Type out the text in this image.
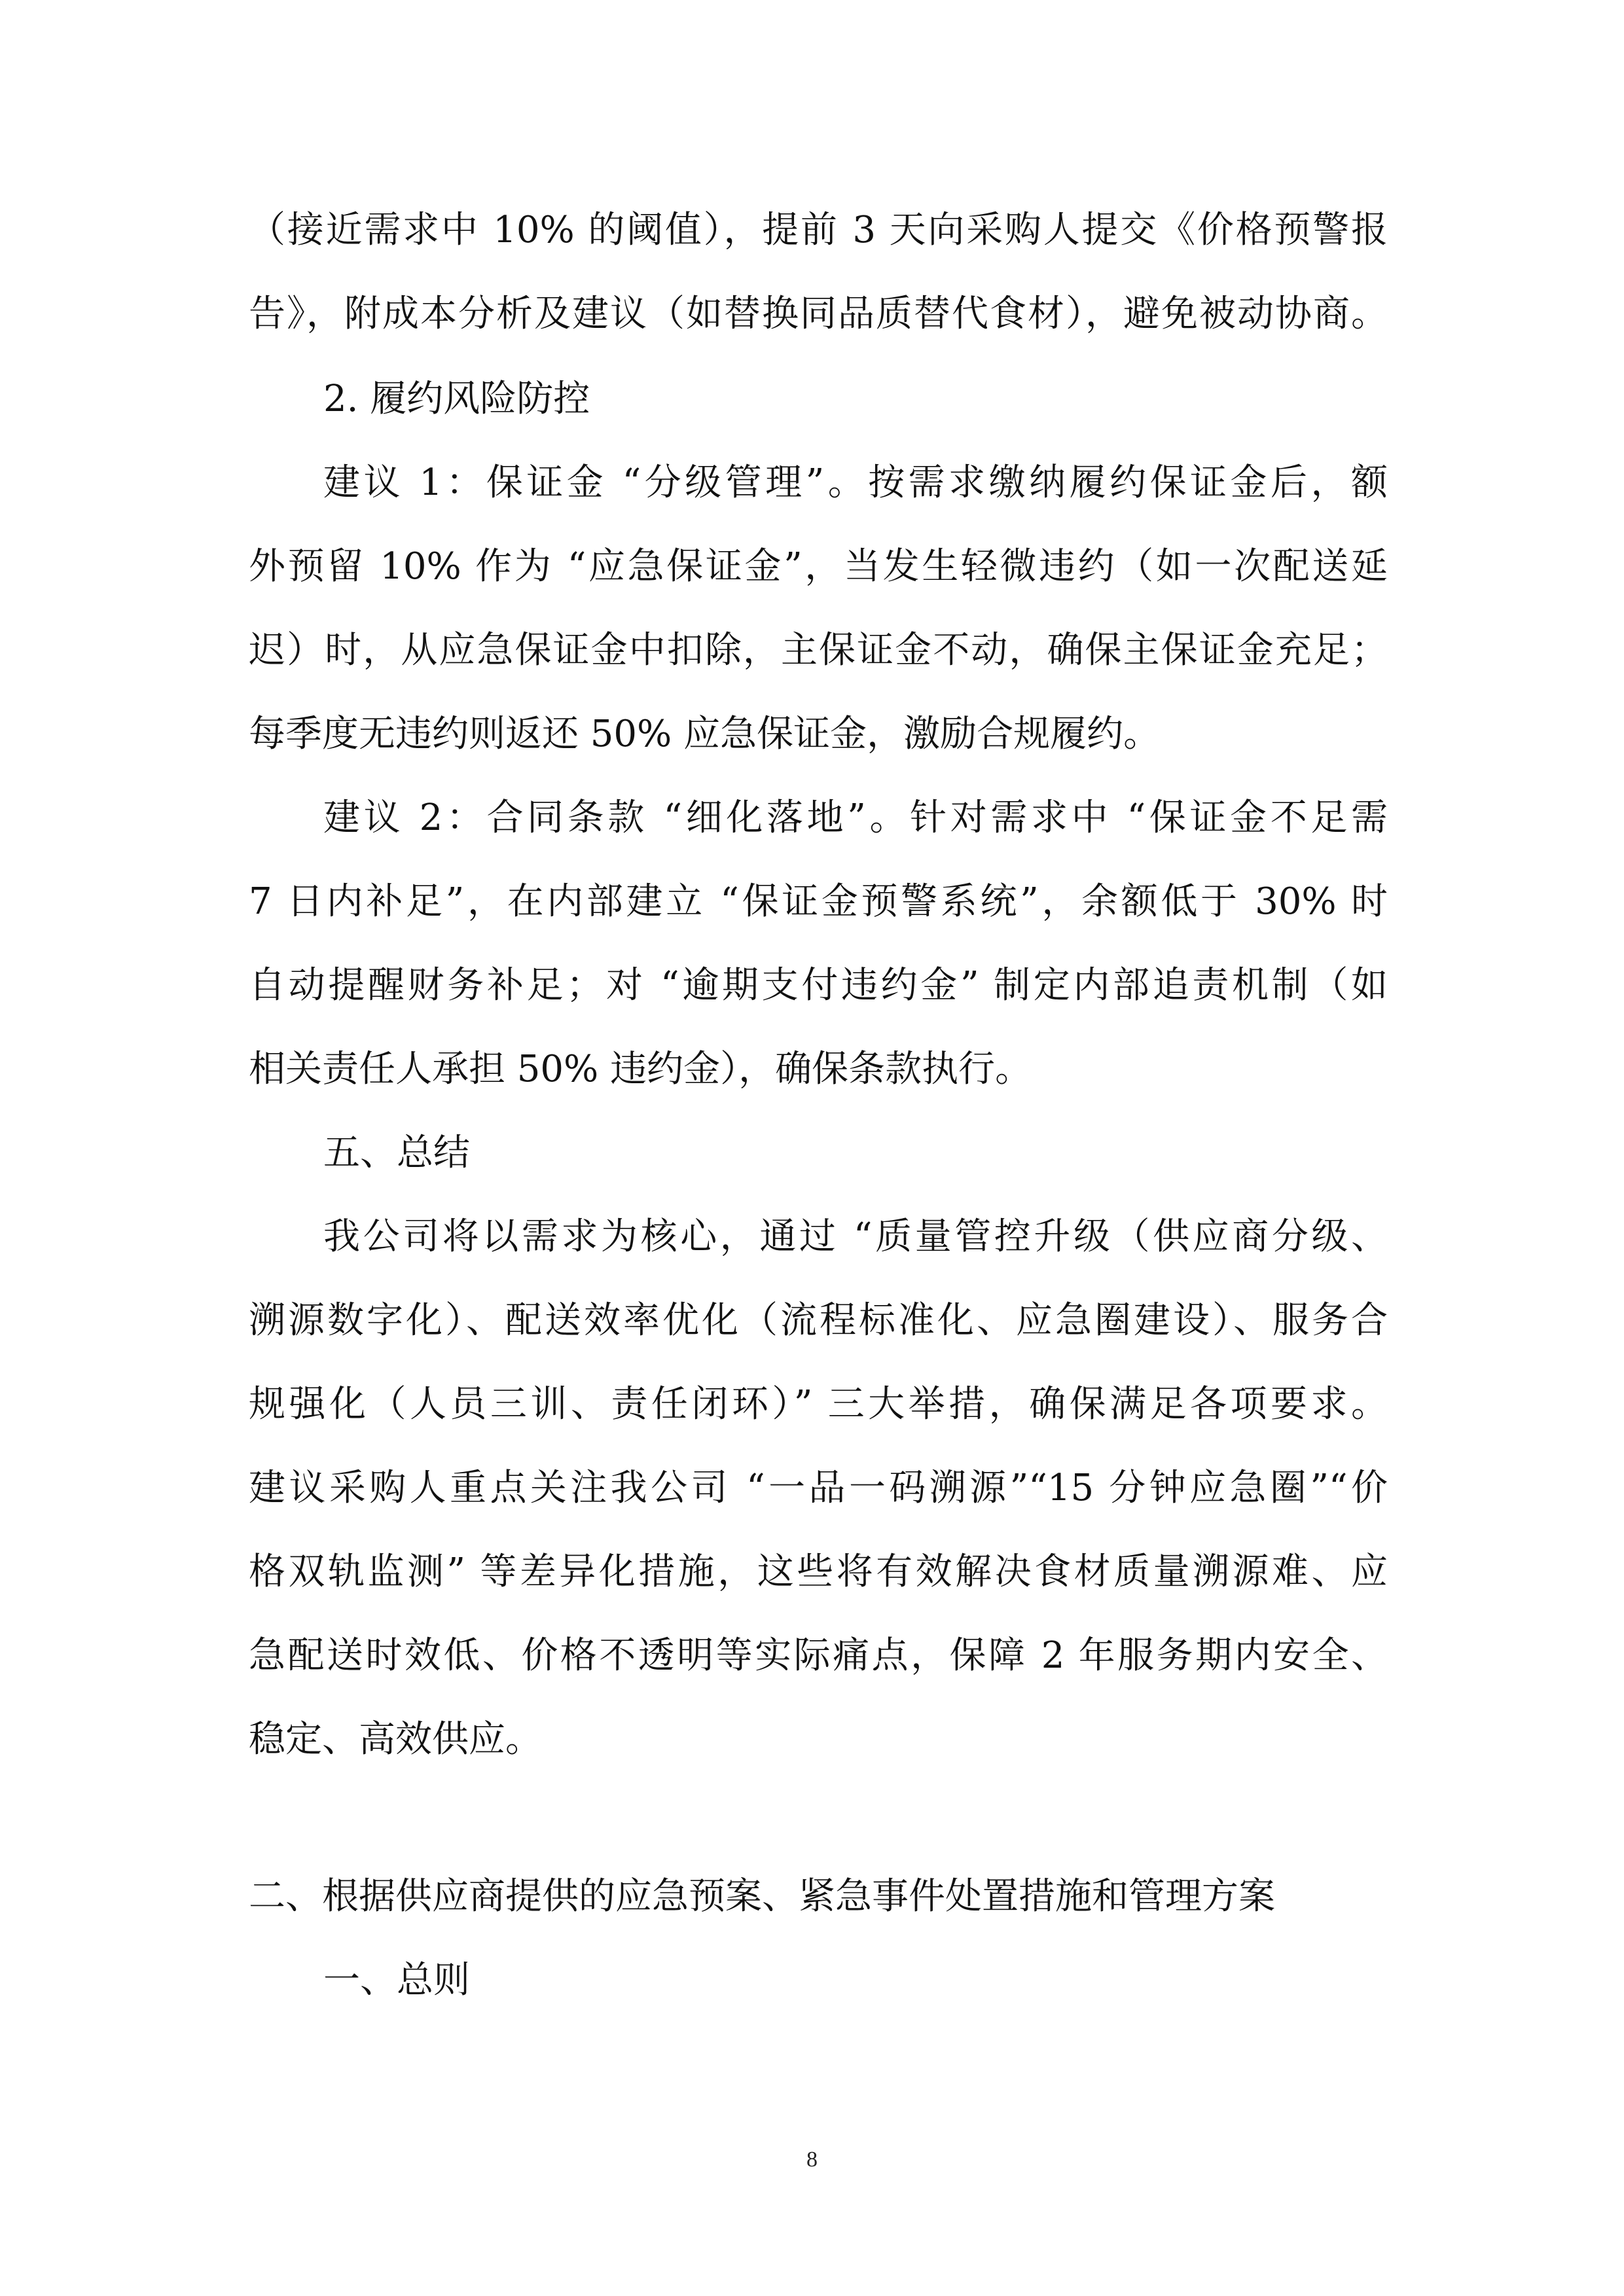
（接近需求中 10% 的阈值），提前 3 天向采购人提交《价格预警报
告》，附成本分析及建议（如替换同品质替代食材），避免被动协商。
2. 履约风险防控
建议 1：保证金 “分级管理”。按需求缴纳履约保证金后，额
外预留 10% 作为 “应急保证金”，当发生轻微违约（如一次配送延
迟）时，从应急保证金中扣除，主保证金不动，确保主保证金充足；
每季度无违约则返还 50% 应急保证金，激励合规履约。
建议 2：合同条款 “细化落地”。针对需求中 “保证金不足需
7 日内补足”，在内部建立 “保证金预警系统”，余额低于 30% 时
自动提醒财务补足；对 “逾期支付违约金” 制定内部追责机制（如
相关责任人承担 50% 违约金），确保条款执行。
五、总结
我公司将以需求为核心，通过 “质量管控升级（供应商分级、
溯源数字化）、配送效率优化（流程标准化、应急圈建设）、服务合
规强化（人员三训、责任闭环）” 三大举措，确保满足各项要求。
建议采购人重点关注我公司 “一品一码溯源”“15 分钟应急圈”“价
格双轨监测” 等差异化措施，这些将有效解决食材质量溯源难、应
急配送时效低、价格不透明等实际痛点，保障 2 年服务期内安全、
稳定、高效供应。
二、根据供应商提供的应急预案、紧急事件处置措施和管理方案
一、总则
8
